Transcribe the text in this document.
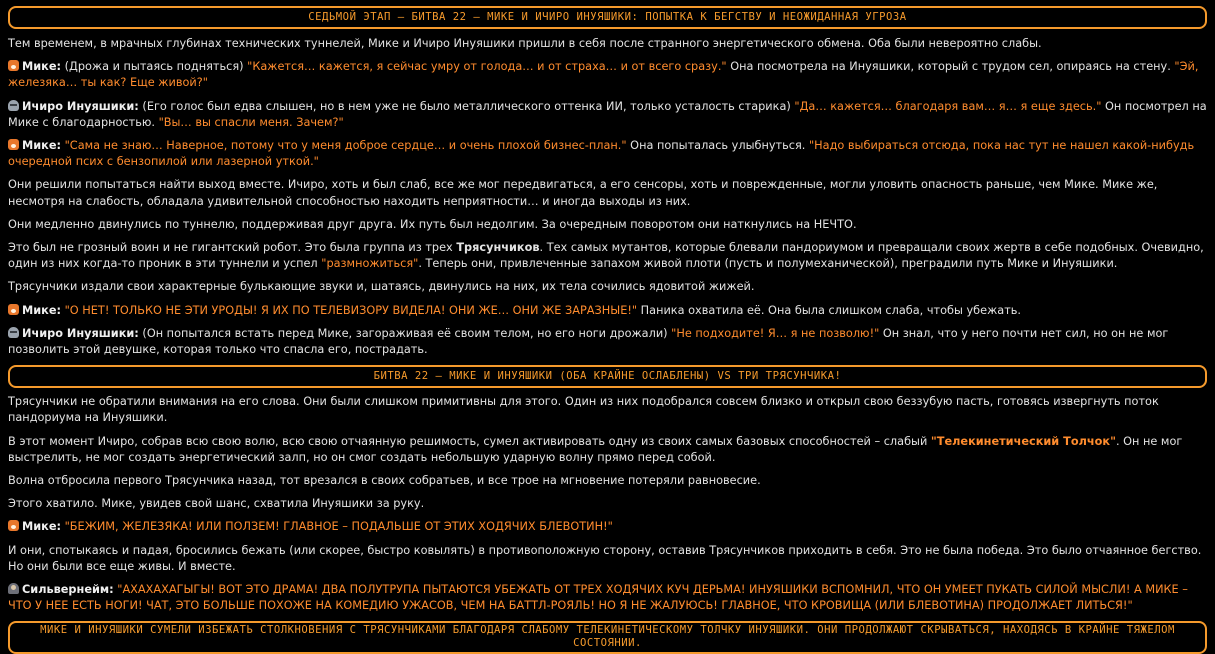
СЕДЬМОЙ ЭТАП – БИТВА 22 – МИКЕ И ИЧИРО ИНУЯШИКИ: ПОПЫТКА К БЕГСТВУ И НЕОЖИДАННАЯ УГРОЗА

Тем временем, в мрачных глубинах технических туннелей, Мике и Ичиро Инуяшики пришли в себя после странного энергетического обмена. Оба были невероятно слабы.

Мике: (Дрожа и пытаясь подняться) "Кажется… кажется, я сейчас умру от голода… и от страха… и от всего сразу." Она посмотрела на Инуяшики, который с трудом сел, опираясь на стену. "Эй, железяка… ты как? Еще живой?"

Ичиро Инуяшики: (Его голос был едва слышен, но в нем уже не было металлического оттенка ИИ, только усталость старика) "Да… кажется… благодаря вам… я… я еще здесь." Он посмотрел на Мике с благодарностью. "Вы… вы спасли меня. Зачем?"

Мике: "Сама не знаю… Наверное, потому что у меня доброе сердце… и очень плохой бизнес-план." Она попыталась улыбнуться. "Надо выбираться отсюда, пока нас тут не нашел какой-нибудь очередной псих с бензопилой или лазерной уткой."

Они решили попытаться найти выход вместе. Ичиро, хоть и был слаб, все же мог передвигаться, а его сенсоры, хоть и поврежденные, могли уловить опасность раньше, чем Мике. Мике же, несмотря на слабость, обладала удивительной способностью находить неприятности… и иногда выходы из них.

Они медленно двинулись по туннелю, поддерживая друг друга. Их путь был недолгим. За очередным поворотом они наткнулись на НЕЧТО.

Это был не грозный воин и не гигантский робот. Это была группа из трех Трясунчиков. Тех самых мутантов, которые блевали пандориумом и превращали своих жертв в себе подобных. Очевидно, один из них когда-то проник в эти туннели и успел "размножиться". Теперь они, привлеченные запахом живой плоти (пусть и полумеханической), преградили путь Мике и Инуяшики.

Трясунчики издали свои характерные булькающие звуки и, шатаясь, двинулись на них, их тела сочились ядовитой жижей.

Мике: "О НЕТ! ТОЛЬКО НЕ ЭТИ УРОДЫ! Я ИХ ПО ТЕЛЕВИЗОРУ ВИДЕЛА! ОНИ ЖЕ… ОНИ ЖЕ ЗАРАЗНЫЕ!" Паника охватила её. Она была слишком слаба, чтобы убежать.

Ичиро Инуяшики: (Он попытался встать перед Мике, загораживая её своим телом, но его ноги дрожали) "Не подходите! Я… я не позволю!" Он знал, что у него почти нет сил, но он не мог позволить этой девушке, которая только что спасла его, пострадать.

БИТВА 22 – МИКЕ И ИНУЯШИКИ (ОБА КРАЙНЕ ОСЛАБЛЕНЫ) VS ТРИ ТРЯСУНЧИКА!

Трясунчики не обратили внимания на его слова. Они были слишком примитивны для этого. Один из них подобрался совсем близко и открыл свою беззубую пасть, готовясь извергнуть поток пандориума на Инуяшики.

В этот момент Ичиро, собрав всю свою волю, всю свою отчаянную решимость, сумел активировать одну из своих самых базовых способностей – слабый "Телекинетический Толчок". Он не мог выстрелить, не мог создать энергетический залп, но он смог создать небольшую ударную волну прямо перед собой.

Волна отбросила первого Трясунчика назад, тот врезался в своих собратьев, и все трое на мгновение потеряли равновесие.

Этого хватило. Мике, увидев свой шанс, схватила Инуяшики за руку.

Мике: "БЕЖИМ, ЖЕЛЕЗЯКА! ИЛИ ПОЛЗЕМ! ГЛАВНОЕ – ПОДАЛЬШЕ ОТ ЭТИХ ХОДЯЧИХ БЛЕВОТИН!"

И они, спотыкаясь и падая, бросились бежать (или скорее, быстро ковылять) в противоположную сторону, оставив Трясунчиков приходить в себя. Это не была победа. Это было отчаянное бегство. Но они были все еще живы. И вместе.

Сильвернейм: "АХАХАХАГЫГЫ! ВОТ ЭТО ДРАМА! ДВА ПОЛУТРУПА ПЫТАЮТСЯ УБЕЖАТЬ ОТ ТРЕХ ХОДЯЧИХ КУЧ ДЕРЬМА! ИНУЯШИКИ ВСПОМНИЛ, ЧТО ОН УМЕЕТ ПУКАТЬ СИЛОЙ МЫСЛИ! А МИКЕ – ЧТО У НЕЕ ЕСТЬ НОГИ! ЧАТ, ЭТО БОЛЬШЕ ПОХОЖЕ НА КОМЕДИЮ УЖАСОВ, ЧЕМ НА БАТТЛ-РОЯЛЬ! НО Я НЕ ЖАЛУЮСЬ! ГЛАВНОЕ, ЧТО КРОВИЩА (ИЛИ БЛЕВОТИНА) ПРОДОЛЖАЕТ ЛИТЬСЯ!"

МИКЕ И ИНУЯШИКИ СУМЕЛИ ИЗБЕЖАТЬ СТОЛКНОВЕНИЯ С ТРЯСУНЧИКАМИ БЛАГОДАРЯ СЛАБОМУ ТЕЛЕКИНЕТИЧЕСКОМУ ТОЛЧКУ ИНУЯШИКИ. ОНИ ПРОДОЛЖАЮТ СКРЫВАТЬСЯ, НАХОДЯСЬ В КРАЙНЕ ТЯЖЕЛОМ СОСТОЯНИИ.
